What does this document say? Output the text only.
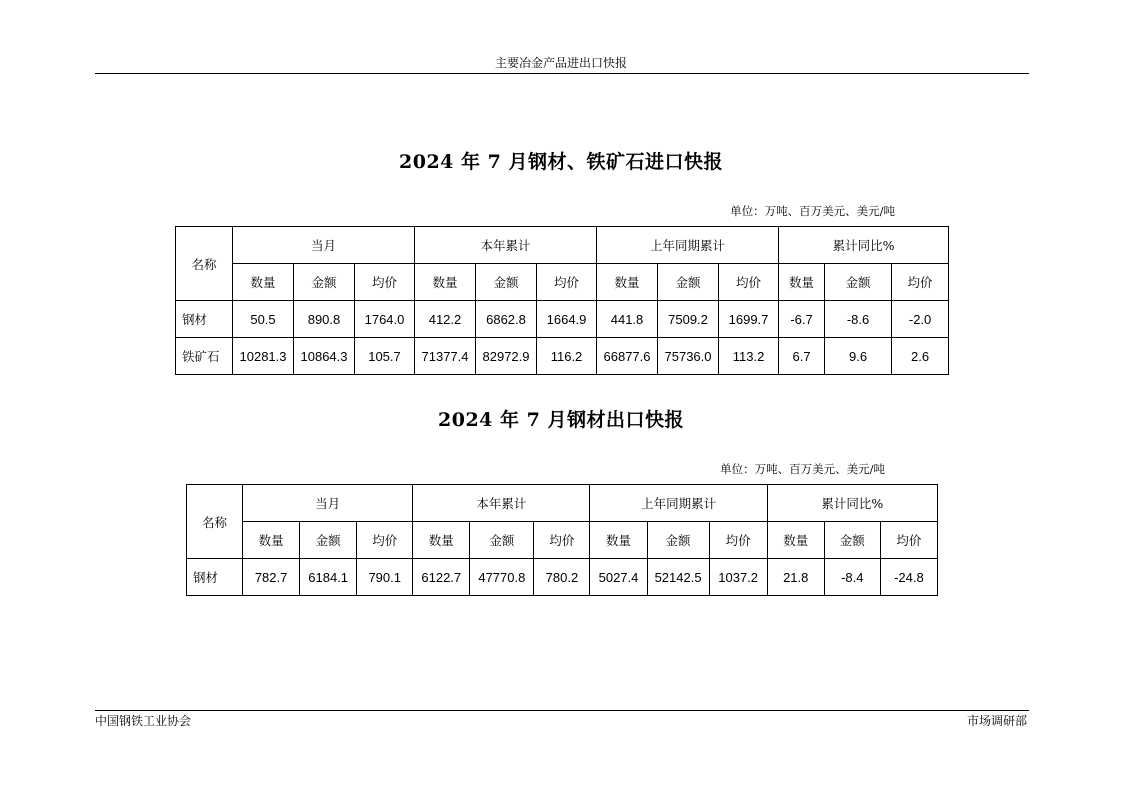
主要冶金产品进出口快报
2024 年 7 月钢材、铁矿石进口快报
单位：万吨、百万美元、美元/吨
名称	当月			本年累计			上年同期累计			累计同比%		
	数量	金额	均价	数量	金额	均价	数量	金额	均价	数量	金额	均价
钢材	50.5	890.8	1764.0	412.2	6862.8	1664.9	441.8	7509.2	1699.7	-6.7	-8.6	-2.0
铁矿石	10281.3	10864.3	105.7	71377.4	82972.9	116.2	66877.6	75736.0	113.2	6.7	9.6	2.6
2024 年 7 月钢材出口快报
单位：万吨、百万美元、美元/吨
名称	当月			本年累计			上年同期累计			累计同比%		
	数量	金额	均价	数量	金额	均价	数量	金额	均价	数量	金额	均价
钢材	782.7	6184.1	790.1	6122.7	47770.8	780.2	5027.4	52142.5	1037.2	21.8	-8.4	-24.8
中国钢铁工业协会	市场调研部
